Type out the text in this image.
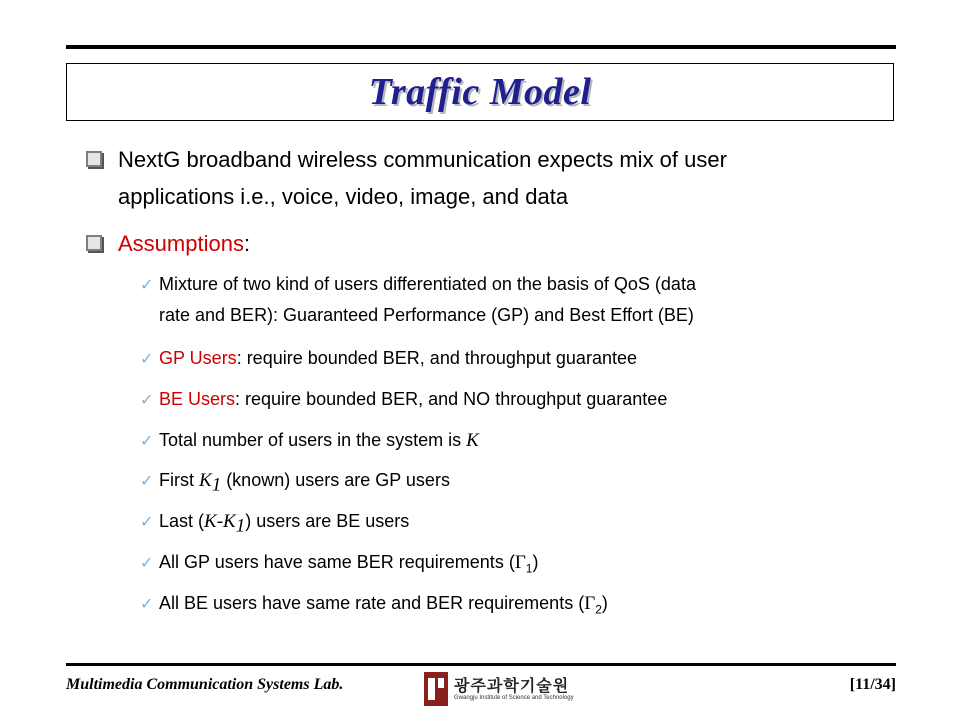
Traffic Model
NextG broadband wireless communication expects mix of user
applications i.e., voice, video, image, and data
Assumptions:
✓ Mixture of two kind of users differentiated on the basis of QoS (data
rate and BER): Guaranteed Performance (GP) and Best Effort (BE)
✓ GP Users: require bounded BER, and throughput guarantee
✓ BE Users: require bounded BER, and NO throughput guarantee
✓ Total number of users in the system is K
✓ First $K_1$ (known) users are GP users
✓ Last $(K-K_1)$ users are BE users
✓ All GP users have same BER requirements $(\Gamma_1)$
✓ All BE users have same rate and BER requirements $(\Gamma_2)$
Multimedia Communication Systems Lab.	광주과학기술원
Gwangju Institute of Science and Technology
[11/34]
